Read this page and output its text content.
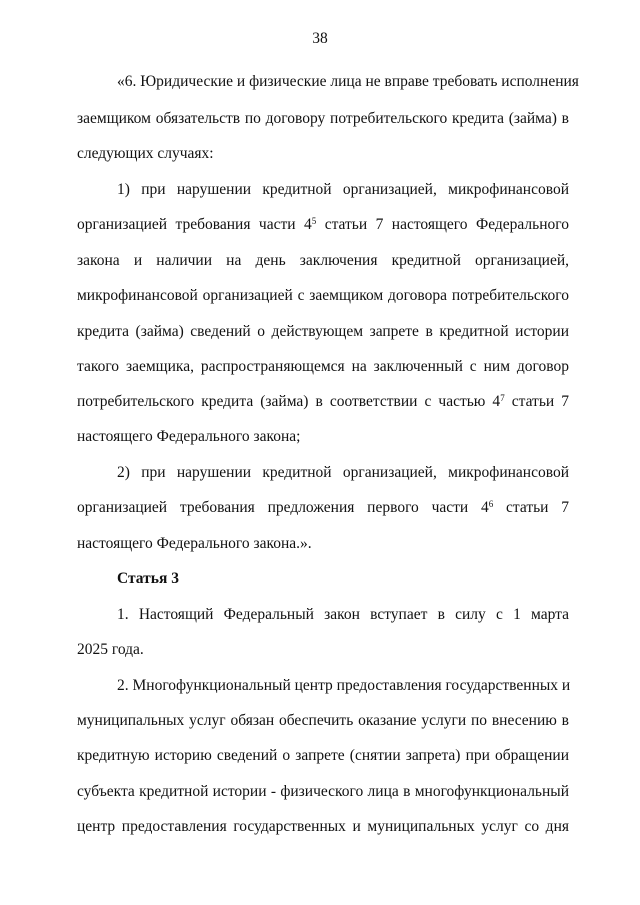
38
«6. Юридические и физические лица не вправе требовать исполнения
заемщиком обязательств по договору потребительского кредита (займа) в
следующих случаях:
1) при нарушении кредитной организацией, микрофинансовой
организацией требования части $4^5$ статьи 7 настоящего Федерального
закона и наличии на день заключения кредитной организацией,
микрофинансовой организацией с заемщиком договора потребительского
кредита (займа) сведений о действующем запрете в кредитной истории
такого заемщика, распространяющемся на заключенный с ним договор
потребительского кредита (займа) в соответствии с частью $4^7$ статьи 7
настоящего Федерального закона;
2) при нарушении кредитной организацией, микрофинансовой
организацией требования предложения первого части $4^6$ статьи 7
настоящего Федерального закона.».
Статья 3
1. Настоящий Федеральный закон вступает в силу с 1 марта
2025 года.
2. Многофункциональный центр предоставления государственных и
муниципальных услуг обязан обеспечить оказание услуги по внесению в
кредитную историю сведений о запрете (снятии запрета) при обращении
субъекта кредитной истории - физического лица в многофункциональный
центр предоставления государственных и муниципальных услуг со дня
